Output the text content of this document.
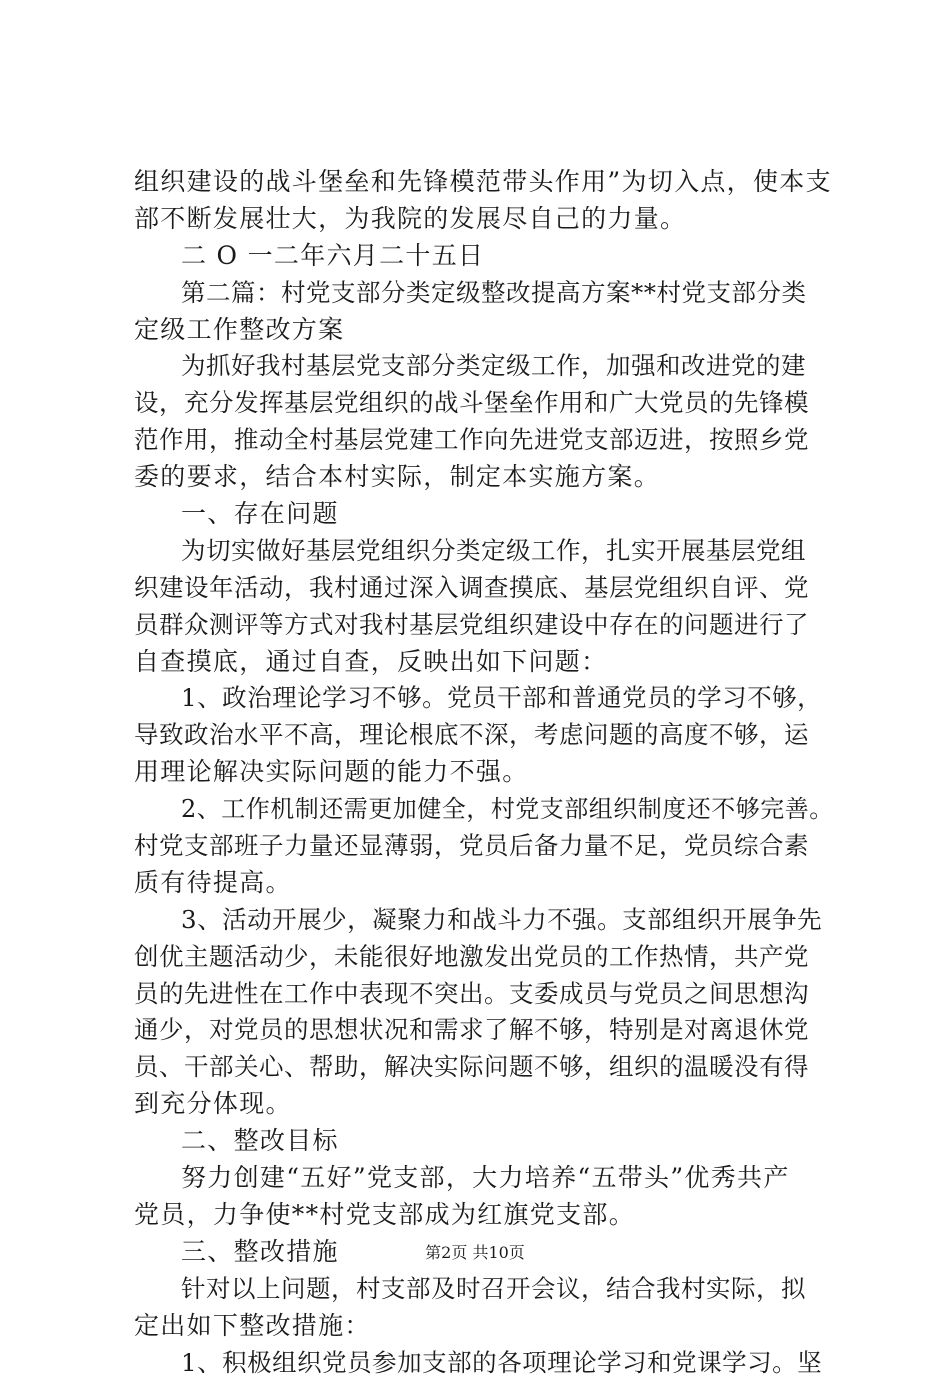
组织建设的战斗堡垒和先锋模范带头作用”为切入点，使本支
部不断发展壮大，为我院的发展尽自己的力量。
二 O 一二年六月二十五日
第二篇：村党支部分类定级整改提高方案**村党支部分类
定级工作整改方案
为抓好我村基层党支部分类定级工作，加强和改进党的建
设，充分发挥基层党组织的战斗堡垒作用和广大党员的先锋模
范作用，推动全村基层党建工作向先进党支部迈进，按照乡党
委的要求，结合本村实际，制定本实施方案。
一、存在问题
为切实做好基层党组织分类定级工作，扎实开展基层党组
织建设年活动，我村通过深入调查摸底、基层党组织自评、党
员群众测评等方式对我村基层党组织建设中存在的问题进行了
自查摸底，通过自查，反映出如下问题：
1、政治理论学习不够。党员干部和普通党员的学习不够，
导致政治水平不高，理论根底不深，考虑问题的高度不够，运
用理论解决实际问题的能力不强。
2、工作机制还需更加健全，村党支部组织制度还不够完善。
村党支部班子力量还显薄弱，党员后备力量不足，党员综合素
质有待提高。
3、活动开展少，凝聚力和战斗力不强。支部组织开展争先
创优主题活动少，未能很好地激发出党员的工作热情，共产党
员的先进性在工作中表现不突出。支委成员与党员之间思想沟
通少，对党员的思想状况和需求了解不够，特别是对离退休党
员、干部关心、帮助，解决实际问题不够，组织的温暖没有得
到充分体现。
二、整改目标
努力创建“五好”党支部，大力培养“五带头”优秀共产
党员，力争使**村党支部成为红旗党支部。
三、整改措施
针对以上问题，村支部及时召开会议，结合我村实际，拟
定出如下整改措施：
1、积极组织党员参加支部的各项理论学习和党课学习。坚
第2页 共10页
